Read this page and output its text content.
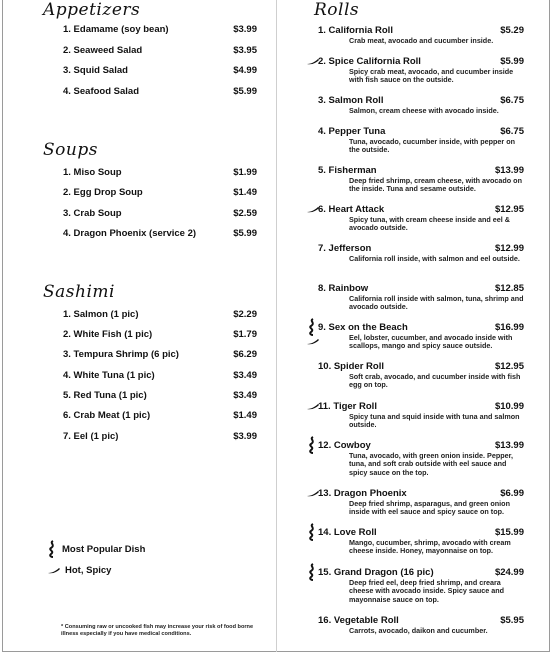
Appetizers
Soups
Sashimi
Rolls
1. Edamame (soy bean)	$3.99
2. Seaweed Salad	$3.95
3. Squid Salad	$4.99
4. Seafood Salad	$5.99
1. Miso Soup	$1.99
2. Egg Drop Soup	$1.49
3. Crab Soup	$2.59
4. Dragon Phoenix (service 2)	$5.99
1. Salmon (1 pic)	$2.29
2. White Fish (1 pic)	$1.79
3. Tempura Shrimp (6 pic)	$6.29
4. White Tuna (1 pic)	$3.49
5. Red Tuna (1 pic)	$3.49
6. Crab Meat (1 pic)	$1.49
7. Eel (1 pic)	$3.99
Most Popular Dish
Hot, Spicy
* Consuming raw or uncooked fish may increase your risk of food borne illness especially if you have medical conditions.
1. California Roll	$5.29
Crab meat, avocado and cucumber inside.
2. Spice California Roll	$5.99
Spicy crab meat, avocado, and cucumber inside with fish sauce on the outside.
3. Salmon Roll	$6.75
Salmon, cream cheese with avocado inside.
4. Pepper Tuna	$6.75
Tuna, avocado, cucumber inside, with pepper on the outside.
5. Fisherman	$13.99
Deep fried shrimp, cream cheese, with avocado on the inside. Tuna and sesame outside.
6. Heart Attack	$12.95
Spicy tuna, with cream cheese inside and eel & avocado outside.
7. Jefferson	$12.99
California roll inside, with salmon and eel outside.
8. Rainbow	$12.85
California roll inside with salmon, tuna, shrimp and avocado outside.
9. Sex on the Beach	$16.99
Eel, lobster, cucumber, and avocado inside with scallops, mango and spicy sauce outside.
10. Spider Roll	$12.95
Soft crab, avocado, and cucumber inside with fish egg on top.
11. Tiger Roll	$10.99
Spicy tuna and squid inside with tuna and salmon outside.
12. Cowboy	$13.99
Tuna, avocado, with green onion inside. Pepper, tuna, and soft crab outside with eel sauce and spicy sauce on the top.
13. Dragon Phoenix	$6.99
Deep fried shrimp, asparagus, and green onion inside with eel sauce and spicy sauce on top.
14. Love Roll	$15.99
Mango, cucumber, shrimp, avocado with cream cheese inside. Honey, mayonnaise on top.
15. Grand Dragon (16 pic)	$24.99
Deep fried eel, deep fried shrimp, and creara cheese with avocado inside. Spicy sauce and mayonnaise sauce on top.
16. Vegetable Roll	$5.95
Carrots, avocado, daikon and cucumber.
